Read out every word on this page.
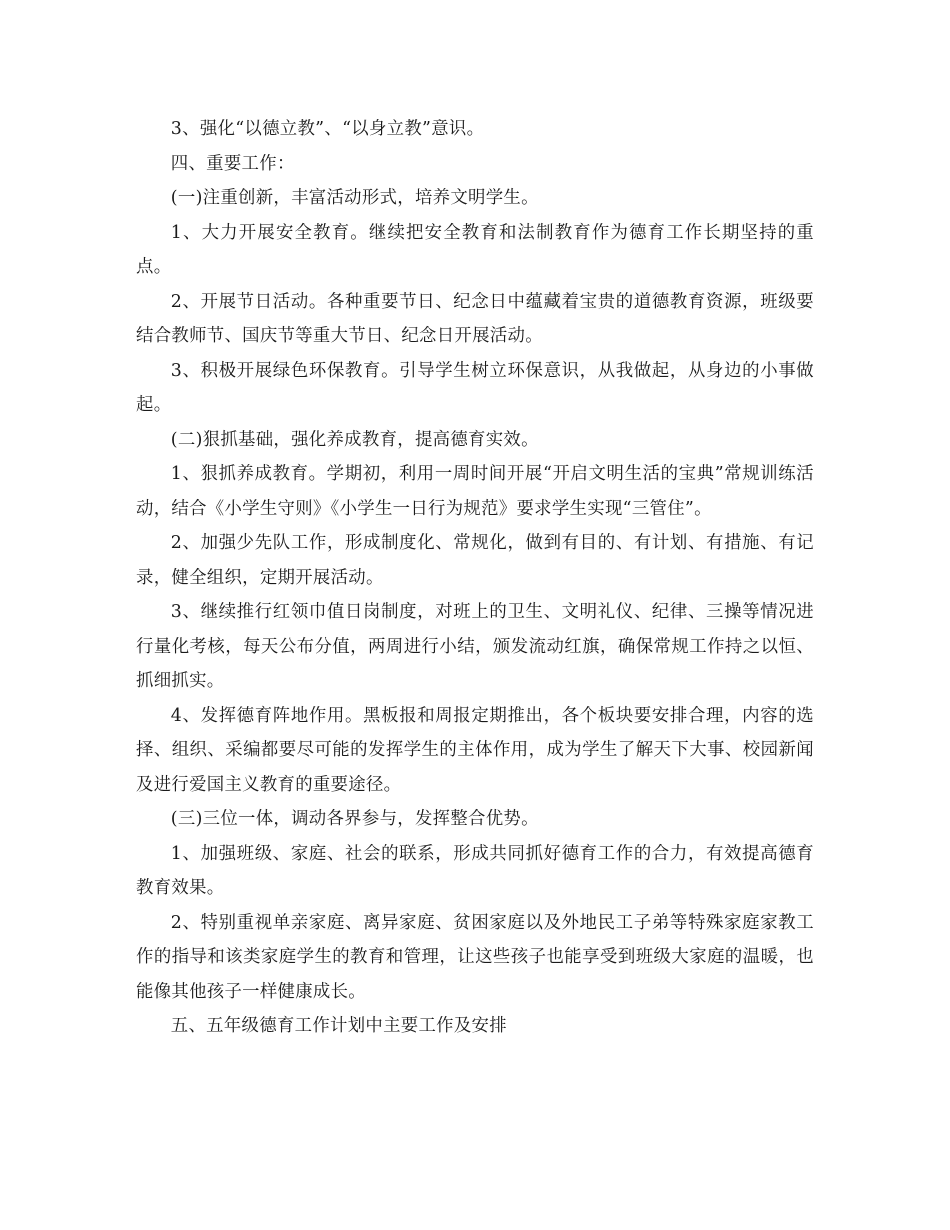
3、强化“以德立教”、“以身立教”意识。

四、重要工作：

(一)注重创新，丰富活动形式，培养文明学生。

1、大力开展安全教育。继续把安全教育和法制教育作为德育工作长期坚持的重点。

2、开展节日活动。各种重要节日、纪念日中蕴藏着宝贵的道德教育资源，班级要结合教师节、国庆节等重大节日、纪念日开展活动。

3、积极开展绿色环保教育。引导学生树立环保意识，从我做起，从身边的小事做起。

(二)狠抓基础，强化养成教育，提高德育实效。

1、狠抓养成教育。学期初，利用一周时间开展“开启文明生活的宝典”常规训练活动，结合《小学生守则》《小学生一日行为规范》要求学生实现“三管住”。

2、加强少先队工作，形成制度化、常规化，做到有目的、有计划、有措施、有记录，健全组织，定期开展活动。

3、继续推行红领巾值日岗制度，对班上的卫生、文明礼仪、纪律、三操等情况进行量化考核，每天公布分值，两周进行小结，颁发流动红旗，确保常规工作持之以恒、抓细抓实。

4、发挥德育阵地作用。黑板报和周报定期推出，各个板块要安排合理，内容的选择、组织、采编都要尽可能的发挥学生的主体作用，成为学生了解天下大事、校园新闻及进行爱国主义教育的重要途径。

(三)三位一体，调动各界参与，发挥整合优势。

1、加强班级、家庭、社会的联系，形成共同抓好德育工作的合力，有效提高德育教育效果。

2、特别重视单亲家庭、离异家庭、贫困家庭以及外地民工子弟等特殊家庭家教工作的指导和该类家庭学生的教育和管理，让这些孩子也能享受到班级大家庭的温暖，也能像其他孩子一样健康成长。

五、五年级德育工作计划中主要工作及安排
